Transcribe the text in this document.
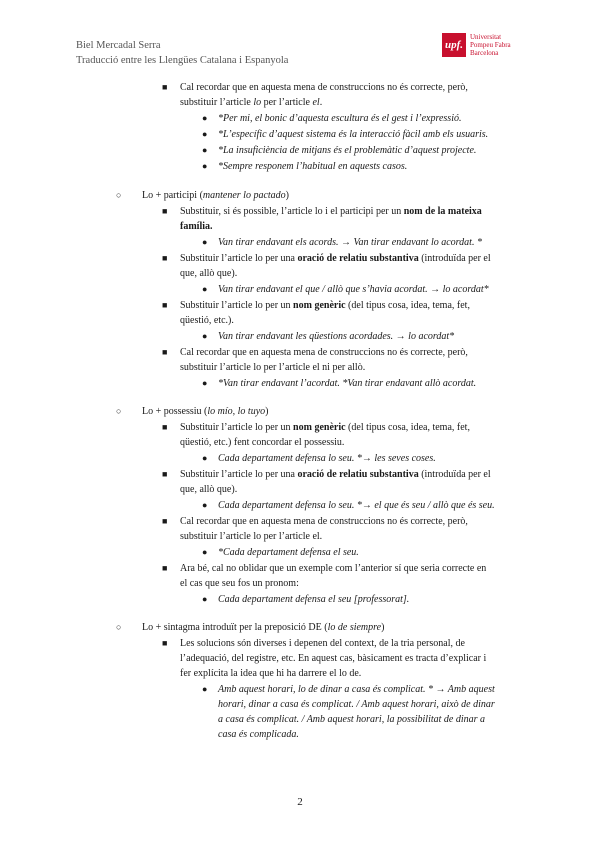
Biel Mercadal Serra
Traducció entre les Llengües Catalana i Espanyola
upf.
Universitat
Pompeu Fabra
Barcelona
■ Cal recordar que en aquesta mena de construccions no és correcte, però,
substituir l’article lo per l’article el.
● *Per mi, el bonic d’aquesta escultura és el gest i l’expressió.
● *L’específic d’aquest sistema és la interacció fàcil amb els usuaris.
● *La insuficiència de mitjans és el problemàtic d’aquest projecte.
● *Sempre responem l’habitual en aquests casos.
○ Lo + participi (mantener lo pactado)
■ Substituir, si és possible, l’article lo i el participi per un nom de la mateixa
família.
● Van tirar endavant els acords. → Van tirar endavant lo acordat. *
■ Substituir l’article lo per una oració de relatiu substantiva (introduïda per el
que, allò que).
● Van tirar endavant el que / allò que s’havia acordat. → lo acordat*
■ Substituir l’article lo per un nom genèric (del tipus cosa, idea, tema, fet,
qüestió, etc.).
● Van tirar endavant les qüestions acordades. → lo acordat*
■ Cal recordar que en aquesta mena de construccions no és correcte, però,
substituir l’article lo per l’article el ni per allò.
● *Van tirar endavant l’acordat. *Van tirar endavant allò acordat.
○ Lo + possessiu (lo mío, lo tuyo)
■ Substituir l’article lo per un nom genèric (del tipus cosa, idea, tema, fet,
qüestió, etc.) fent concordar el possessiu.
● Cada departament defensa lo seu. *→ les seves coses.
■ Substituir l’article lo per una oració de relatiu substantiva (introduïda per el
que, allò que).
● Cada departament defensa lo seu. *→ el que és seu / allò que és seu.
■ Cal recordar que en aquesta mena de construccions no és correcte, però,
substituir l’article lo per l’article el.
● *Cada departament defensa el seu.
■ Ara bé, cal no oblidar que un exemple com l’anterior sí que seria correcte en
el cas que seu fos un pronom:
● Cada departament defensa el seu [professorat].
○ Lo + sintagma introduït per la preposició DE (lo de siempre)
■ Les solucions són diverses i depenen del context, de la tria personal, de
l’adequació, del registre, etc. En aquest cas, bàsicament es tracta d’explicar i
fer explícita la idea que hi ha darrere el lo de.
● Amb aquest horari, lo de dinar a casa és complicat. * → Amb aquest
horari, dinar a casa és complicat. / Amb aquest horari, això de dinar
a casa és complicat. / Amb aquest horari, la possibilitat de dinar a
casa és complicada.
2
